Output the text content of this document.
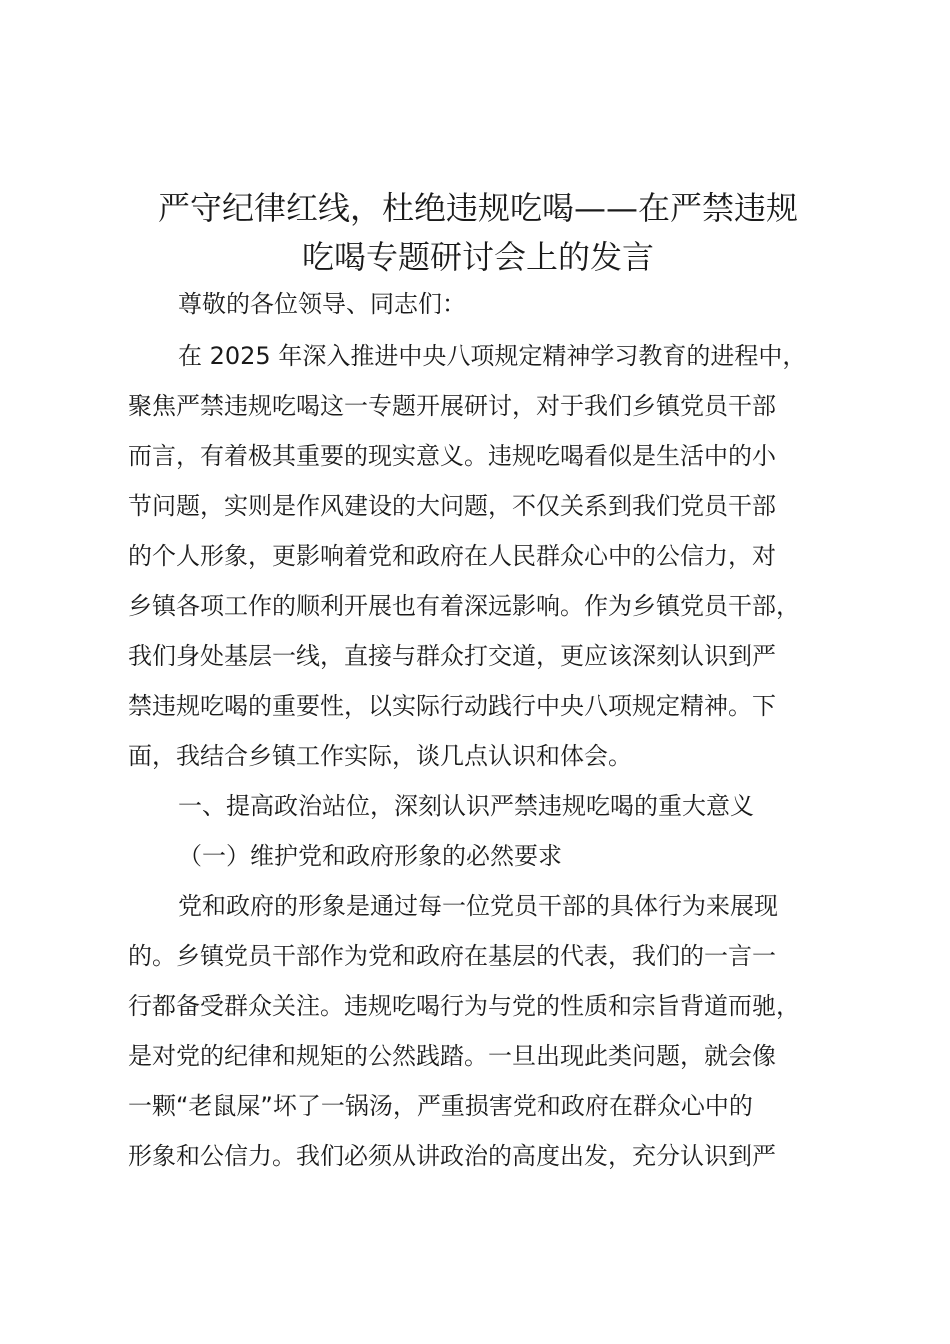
严守纪律红线，杜绝违规吃喝——在严禁违规
吃喝专题研讨会上的发言

尊敬的各位领导、同志们：

在 2025 年深入推进中央八项规定精神学习教育的进程中，

聚焦严禁违规吃喝这一专题开展研讨，对于我们乡镇党员干部

而言，有着极其重要的现实意义。违规吃喝看似是生活中的小

节问题，实则是作风建设的大问题，不仅关系到我们党员干部

的个人形象，更影响着党和政府在人民群众心中的公信力，对

乡镇各项工作的顺利开展也有着深远影响。作为乡镇党员干部，

我们身处基层一线，直接与群众打交道，更应该深刻认识到严

禁违规吃喝的重要性，以实际行动践行中央八项规定精神。下

面，我结合乡镇工作实际，谈几点认识和体会。

一、提高政治站位，深刻认识严禁违规吃喝的重大意义

（一）维护党和政府形象的必然要求

党和政府的形象是通过每一位党员干部的具体行为来展现

的。乡镇党员干部作为党和政府在基层的代表，我们的一言一

行都备受群众关注。违规吃喝行为与党的性质和宗旨背道而驰，

是对党的纪律和规矩的公然践踏。一旦出现此类问题，就会像

一颗“老鼠屎”坏了一锅汤，严重损害党和政府在群众心中的

形象和公信力。我们必须从讲政治的高度出发，充分认识到严
